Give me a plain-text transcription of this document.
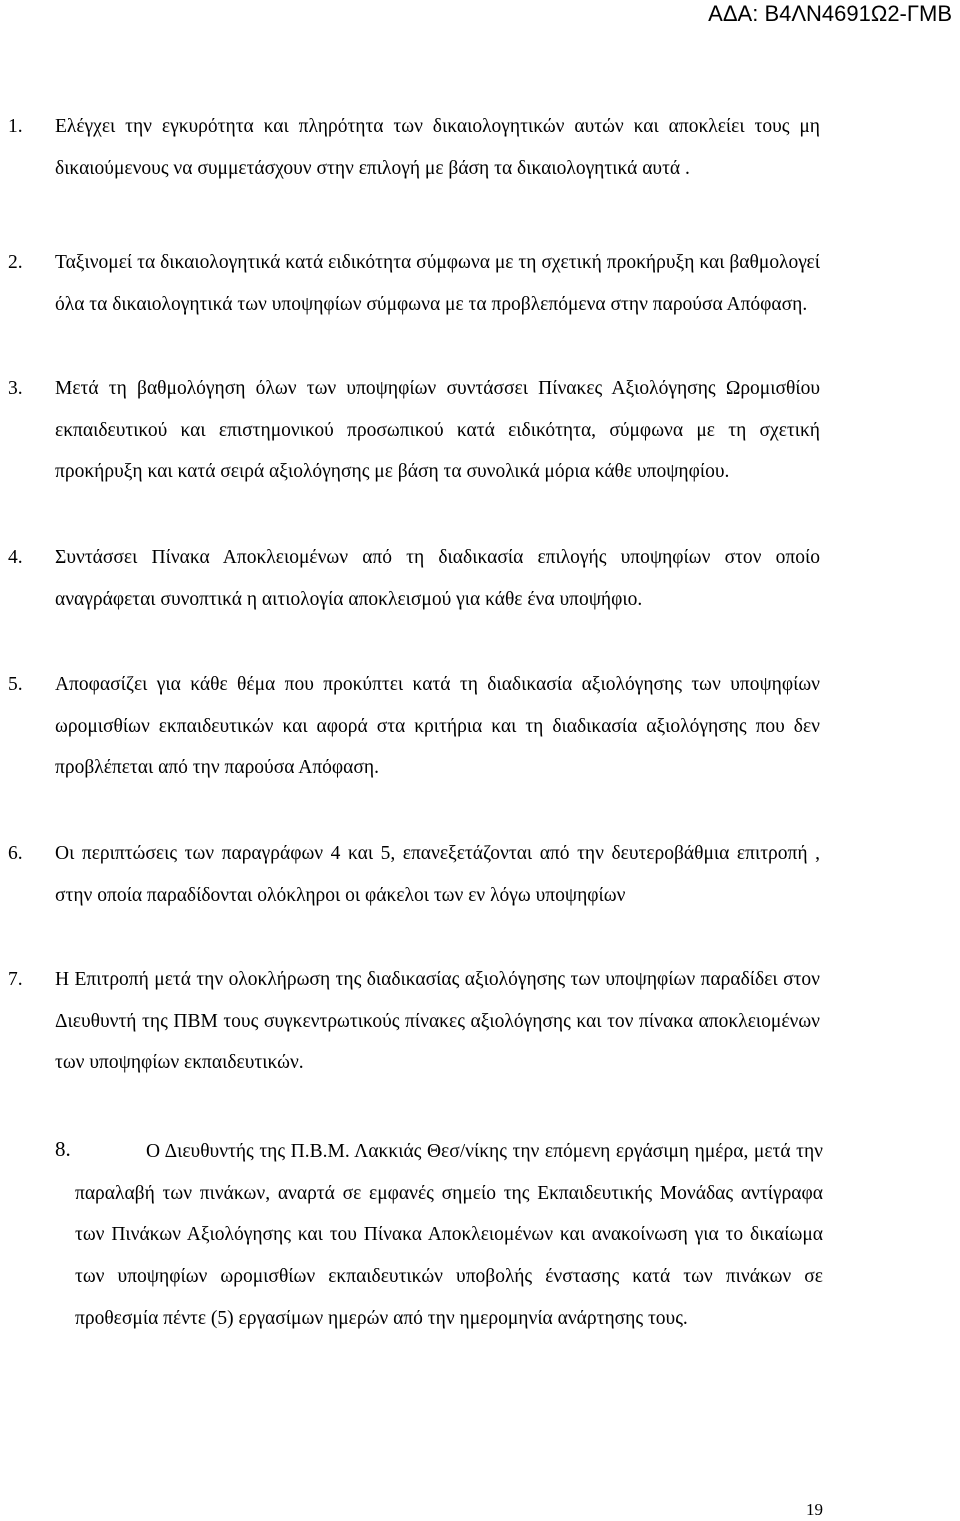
ΑΔΑ: Β4ΛΝ4691Ω2-ΓΜΒ
1. Ελέγχει την εγκυρότητα και πληρότητα των δικαιολογητικών αυτών και αποκλείει τους μη δικαιούμενους να συμμετάσχουν στην επιλογή με βάση τα δικαιολογητικά αυτά .
2. Ταξινομεί τα δικαιολογητικά κατά ειδικότητα σύμφωνα με τη σχετική προκήρυξη και βαθμολογεί όλα τα δικαιολογητικά των υποψηφίων σύμφωνα με τα προβλεπόμενα στην παρούσα Απόφαση.
3. Μετά τη βαθμολόγηση όλων των υποψηφίων συντάσσει Πίνακες Αξιολόγησης Ωρομισθίου εκπαιδευτικού και επιστημονικού προσωπικού κατά ειδικότητα, σύμφωνα με τη σχετική προκήρυξη και κατά σειρά αξιολόγησης με βάση τα συνολικά μόρια κάθε υποψηφίου.
4. Συντάσσει Πίνακα Αποκλειομένων από τη διαδικασία επιλογής υποψηφίων στον οποίο αναγράφεται συνοπτικά η αιτιολογία αποκλεισμού για κάθε ένα υποψήφιο.
5. Αποφασίζει για κάθε θέμα που προκύπτει κατά τη διαδικασία αξιολόγησης των υποψηφίων ωρομισθίων εκπαιδευτικών και αφορά στα κριτήρια και τη διαδικασία αξιολόγησης που δεν προβλέπεται από την παρούσα Απόφαση.
6. Οι περιπτώσεις των παραγράφων 4 και 5, επανεξετάζονται από την δευτεροβάθμια επιτροπή , στην οποία παραδίδονται ολόκληροι οι φάκελοι των εν λόγω υποψηφίων
7. Η Επιτροπή μετά την ολοκλήρωση της διαδικασίας αξιολόγησης των υποψηφίων παραδίδει στον Διευθυντή της ΠΒΜ τους συγκεντρωτικούς πίνακες αξιολόγησης και τον πίνακα αποκλειομένων των υποψηφίων εκπαιδευτικών.
8.	Ο Διευθυντής της Π.Β.Μ. Λακκιάς Θεσ/νίκης την επόμενη εργάσιμη ημέρα, μετά την παραλαβή των πινάκων, αναρτά σε εμφανές σημείο της Εκπαιδευτικής Μονάδας αντίγραφα των Πινάκων Αξιολόγησης και του Πίνακα Αποκλειομένων και ανακοίνωση για το δικαίωμα των υποψηφίων ωρομισθίων εκπαιδευτικών υποβολής ένστασης κατά των πινάκων σε προθεσμία πέντε (5) εργασίμων ημερών από την ημερομηνία ανάρτησης τους.
19
